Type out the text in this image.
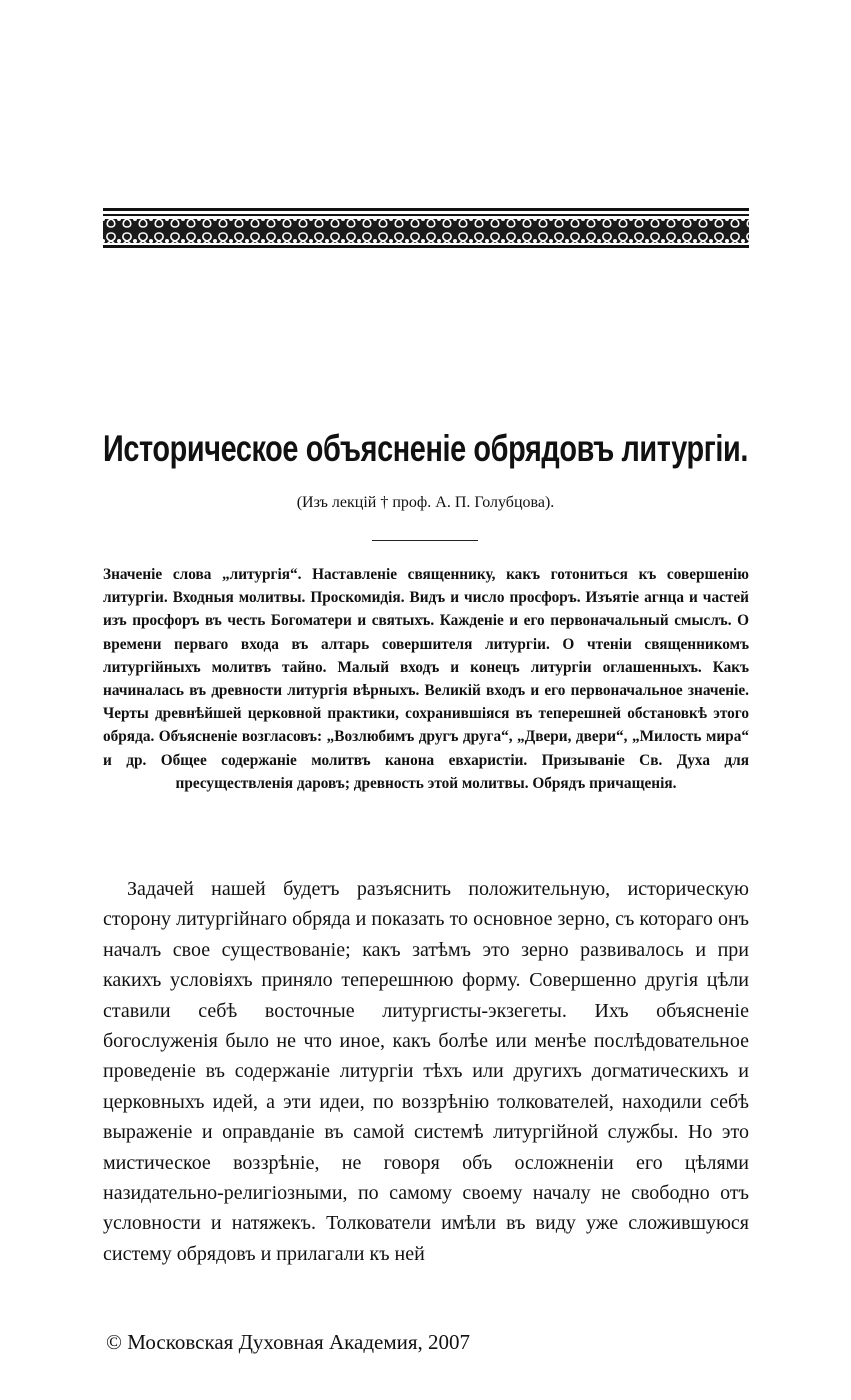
Историческое объясненіе обрядовъ литургіи.

(Изъ лекцій † проф. А. П. Голубцова).

Значеніе слова „литургія“. Наставленіе священнику, какъ готониться къ совершенію литургіи. Входныя молитвы. Проскомидія. Видъ и число просфоръ. Изъятіе агнца и частей изъ просфоръ въ честь Богоматери и святыхъ. Кажденіе и его первоначальный смыслъ. О времени перваго входа въ алтарь совершителя литургіи. О чтеніи священникомъ литургійныхъ молитвъ тайно. Малый входъ и конецъ литургіи оглашенныхъ. Какъ начиналась въ древности литургія вѣрныхъ. Великій входъ и его первоначальное значеніе. Черты древнѣйшей церковной практики, сохранившіяся въ теперешней обстановкѣ этого обряда. Объясненіе возгласовъ: „Возлюбимъ другъ друга“, „Двери, двери“, „Милость мира“ и др. Общее содержаніе молитвъ канона евхаристіи. Призываніе Св. Духа для пресуществленія даровъ; древность этой молитвы. Обрядъ причащенія.

Задачей нашей будетъ разъяснить положительную, историческую сторону литургійнаго обряда и показать то основное зерно, съ котораго онъ началъ свое существованіе; какъ затѣмъ это зерно развивалось и при какихъ условіяхъ приняло теперешнюю форму. Совершенно другія цѣли ставили себѣ восточные литургисты-экзегеты. Ихъ объясненіе богослуженія было не что иное, какъ болѣе или менѣе послѣдовательное проведеніе въ содержаніе литургіи тѣхъ или другихъ догматическихъ и церковныхъ идей, а эти идеи, по воззрѣнію толкователей, находили себѣ выраженіе и оправданіе въ самой системѣ литургійной службы. Но это мистическое воззрѣніе, не говоря объ осложненіи его цѣлями назидательно-религіозными, по самому своему началу не свободно отъ условности и натяжекъ. Толкователи имѣли въ виду уже сложившуюся систему обрядовъ и прилагали къ ней

© Московская Духовная Академия, 2007
